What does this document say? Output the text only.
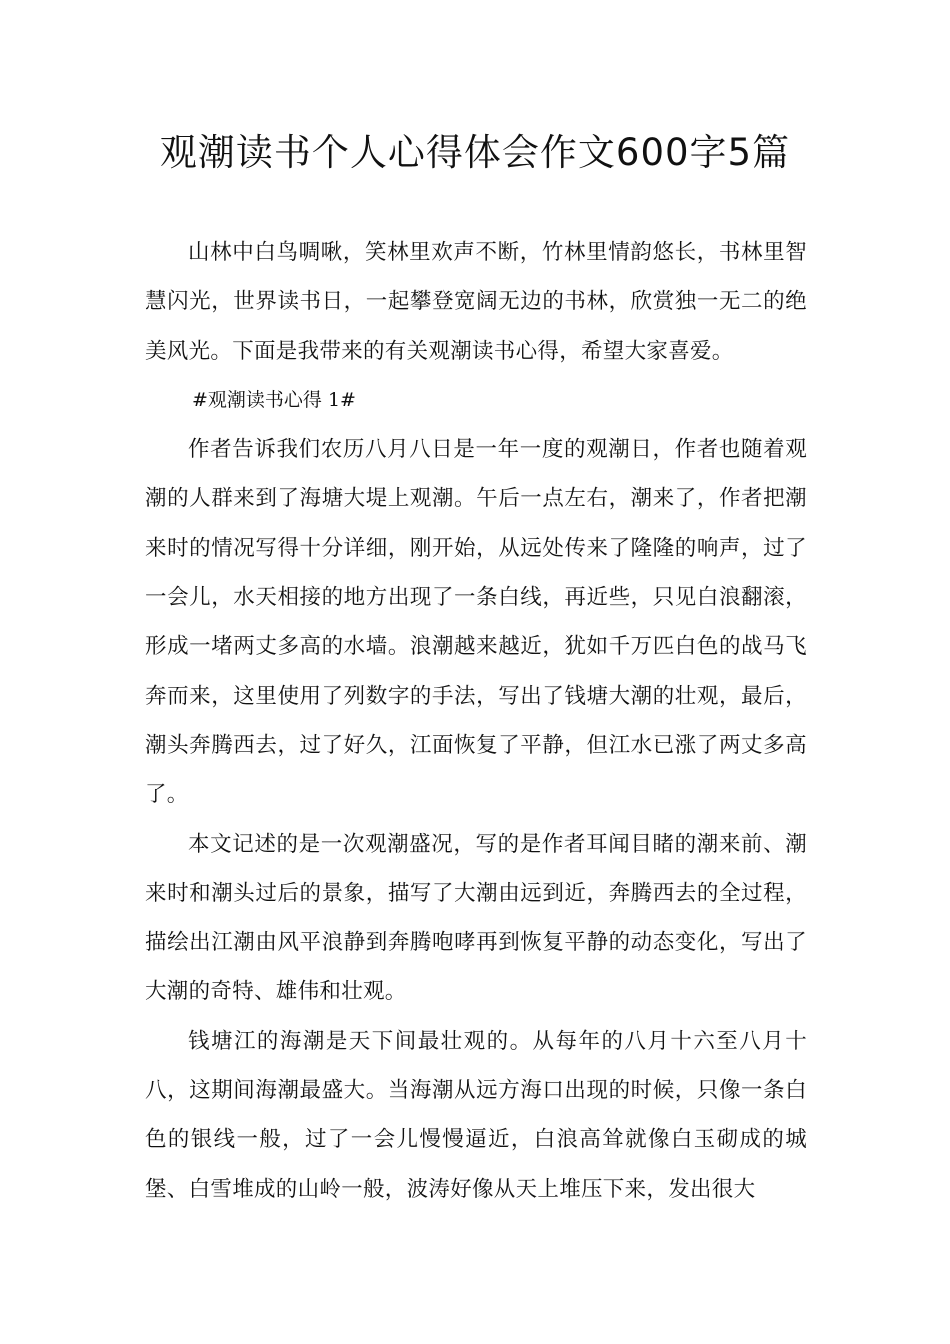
观潮读书个人心得体会作文600字5篇

山林中白鸟啁啾，笑林里欢声不断，竹林里情韵悠长，书林里智慧闪光，世界读书日，一起攀登宽阔无边的书林，欣赏独一无二的绝美风光。下面是我带来的有关观潮读书心得，希望大家喜爱。

#观潮读书心得 1#

作者告诉我们农历八月八日是一年一度的观潮日，作者也随着观潮的人群来到了海塘大堤上观潮。午后一点左右，潮来了，作者把潮来时的情况写得十分详细，刚开始，从远处传来了隆隆的响声，过了一会儿，水天相接的地方出现了一条白线，再近些，只见白浪翻滚，形成一堵两丈多高的水墙。浪潮越来越近，犹如千万匹白色的战马飞奔而来，这里使用了列数字的手法，写出了钱塘大潮的壮观，最后，潮头奔腾西去，过了好久，江面恢复了平静，但江水已涨了两丈多高了。

本文记述的是一次观潮盛况，写的是作者耳闻目睹的潮来前、潮来时和潮头过后的景象，描写了大潮由远到近，奔腾西去的全过程，描绘出江潮由风平浪静到奔腾咆哮再到恢复平静的动态变化，写出了大潮的奇特、雄伟和壮观。

钱塘江的海潮是天下间最壮观的。从每年的八月十六至八月十八，这期间海潮最盛大。当海潮从远方海口出现的时候，只像一条白色的银线一般，过了一会儿慢慢逼近，白浪高耸就像白玉砌成的城堡、白雪堆成的山岭一般，波涛好像从天上堆压下来，发出很大
